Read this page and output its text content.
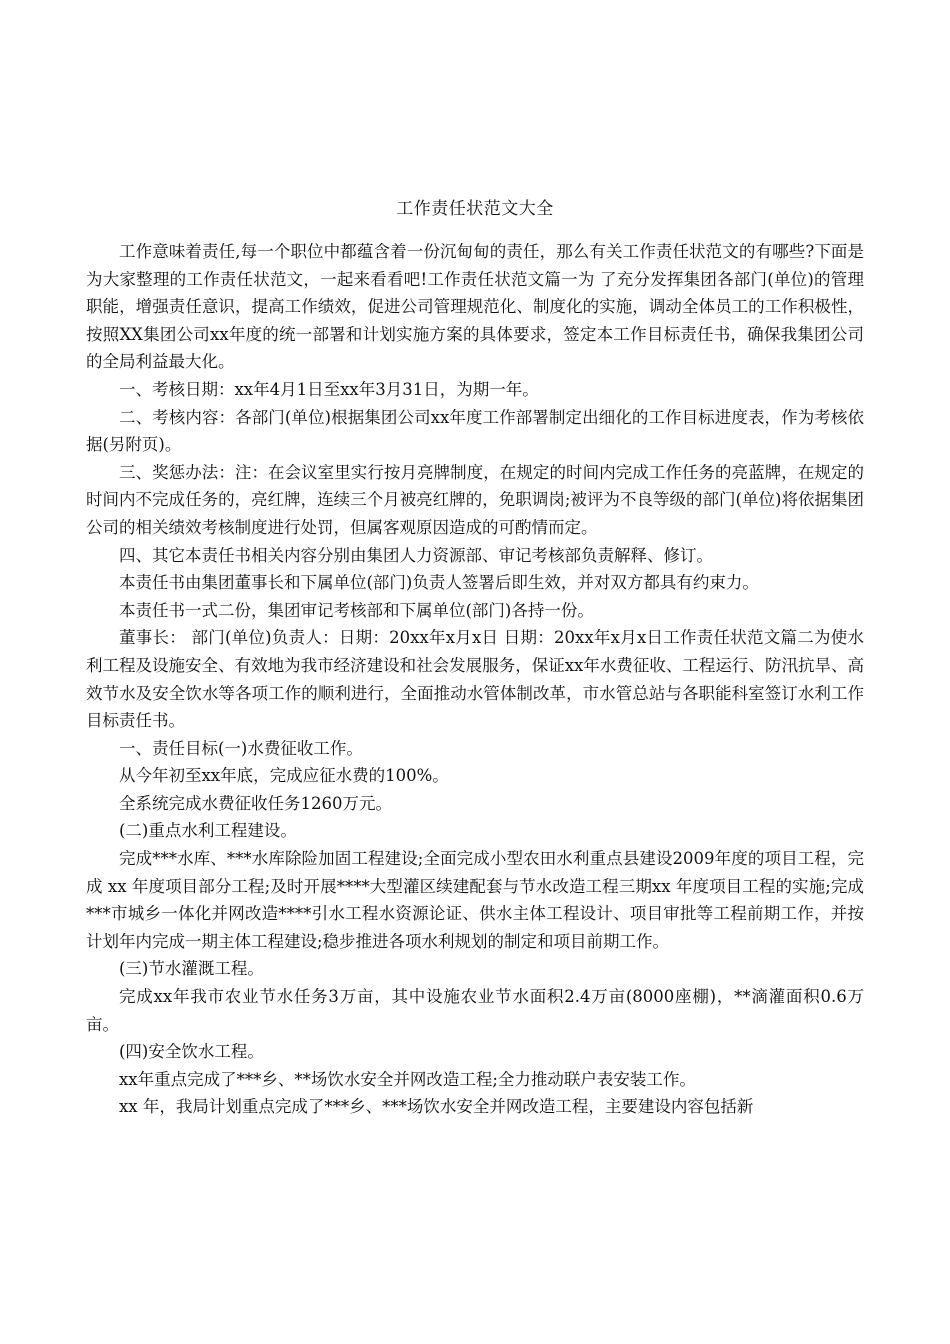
工作责任状范文大全

工作意味着责任,每一个职位中都蕴含着一份沉甸甸的责任，那么有关工作责任状范文的有哪些?下面是为大家整理的工作责任状范文，一起来看看吧!工作责任状范文篇一为 了充分发挥集团各部门(单位)的管理职能，增强责任意识，提高工作绩效，促进公司管理规范化、制度化的实施，调动全体员工的工作积极性，按照XX集团公司xx年度的统一部署和计划实施方案的具体要求，签定本工作目标责任书，确保我集团公司的全局利益最大化。

一、考核日期：xx年4月1日至xx年3月31日，为期一年。

二、考核内容：各部门(单位)根据集团公司xx年度工作部署制定出细化的工作目标进度表，作为考核依据(另附页)。

三、奖惩办法：注：在会议室里实行按月亮牌制度，在规定的时间内完成工作任务的亮蓝牌，在规定的时间内不完成任务的，亮红牌，连续三个月被亮红牌的，免职调岗;被评为不良等级的部门(单位)将依据集团公司的相关绩效考核制度进行处罚，但属客观原因造成的可酌情而定。

四、其它本责任书相关内容分别由集团人力资源部、审记考核部负责解释、修订。

本责任书由集团董事长和下属单位(部门)负责人签署后即生效，并对双方都具有约束力。

本责任书一式二份，集团审记考核部和下属单位(部门)各持一份。

董事长： 部门(单位)负责人：日期：20xx年x月x日 日期：20xx年x月x日工作责任状范文篇二为使水利工程及设施安全、有效地为我市经济建设和社会发展服务，保证xx年水费征收、工程运行、防汛抗旱、高效节水及安全饮水等各项工作的顺利进行，全面推动水管体制改革，市水管总站与各职能科室签订水利工作目标责任书。

一、责任目标(一)水费征收工作。

从今年初至xx年底，完成应征水费的100%。

全系统完成水费征收任务1260万元。

(二)重点水利工程建设。

完成***水库、***水库除险加固工程建设;全面完成小型农田水利重点县建设2009年度的项目工程，完成 xx 年度项目部分工程;及时开展****大型灌区续建配套与节水改造工程三期xx 年度项目工程的实施;完成***市城乡一体化并网改造****引水工程水资源论证、供水主体工程设计、项目审批等工程前期工作，并按计划年内完成一期主体工程建设;稳步推进各项水利规划的制定和项目前期工作。

(三)节水灌溉工程。

完成xx年我市农业节水任务3万亩，其中设施农业节水面积2.4万亩(8000座棚)，**滴灌面积0.6万亩。

(四)安全饮水工程。

xx年重点完成了***乡、**场饮水安全并网改造工程;全力推动联户表安装工作。

xx 年，我局计划重点完成了***乡、***场饮水安全并网改造工程，主要建设内容包括新
